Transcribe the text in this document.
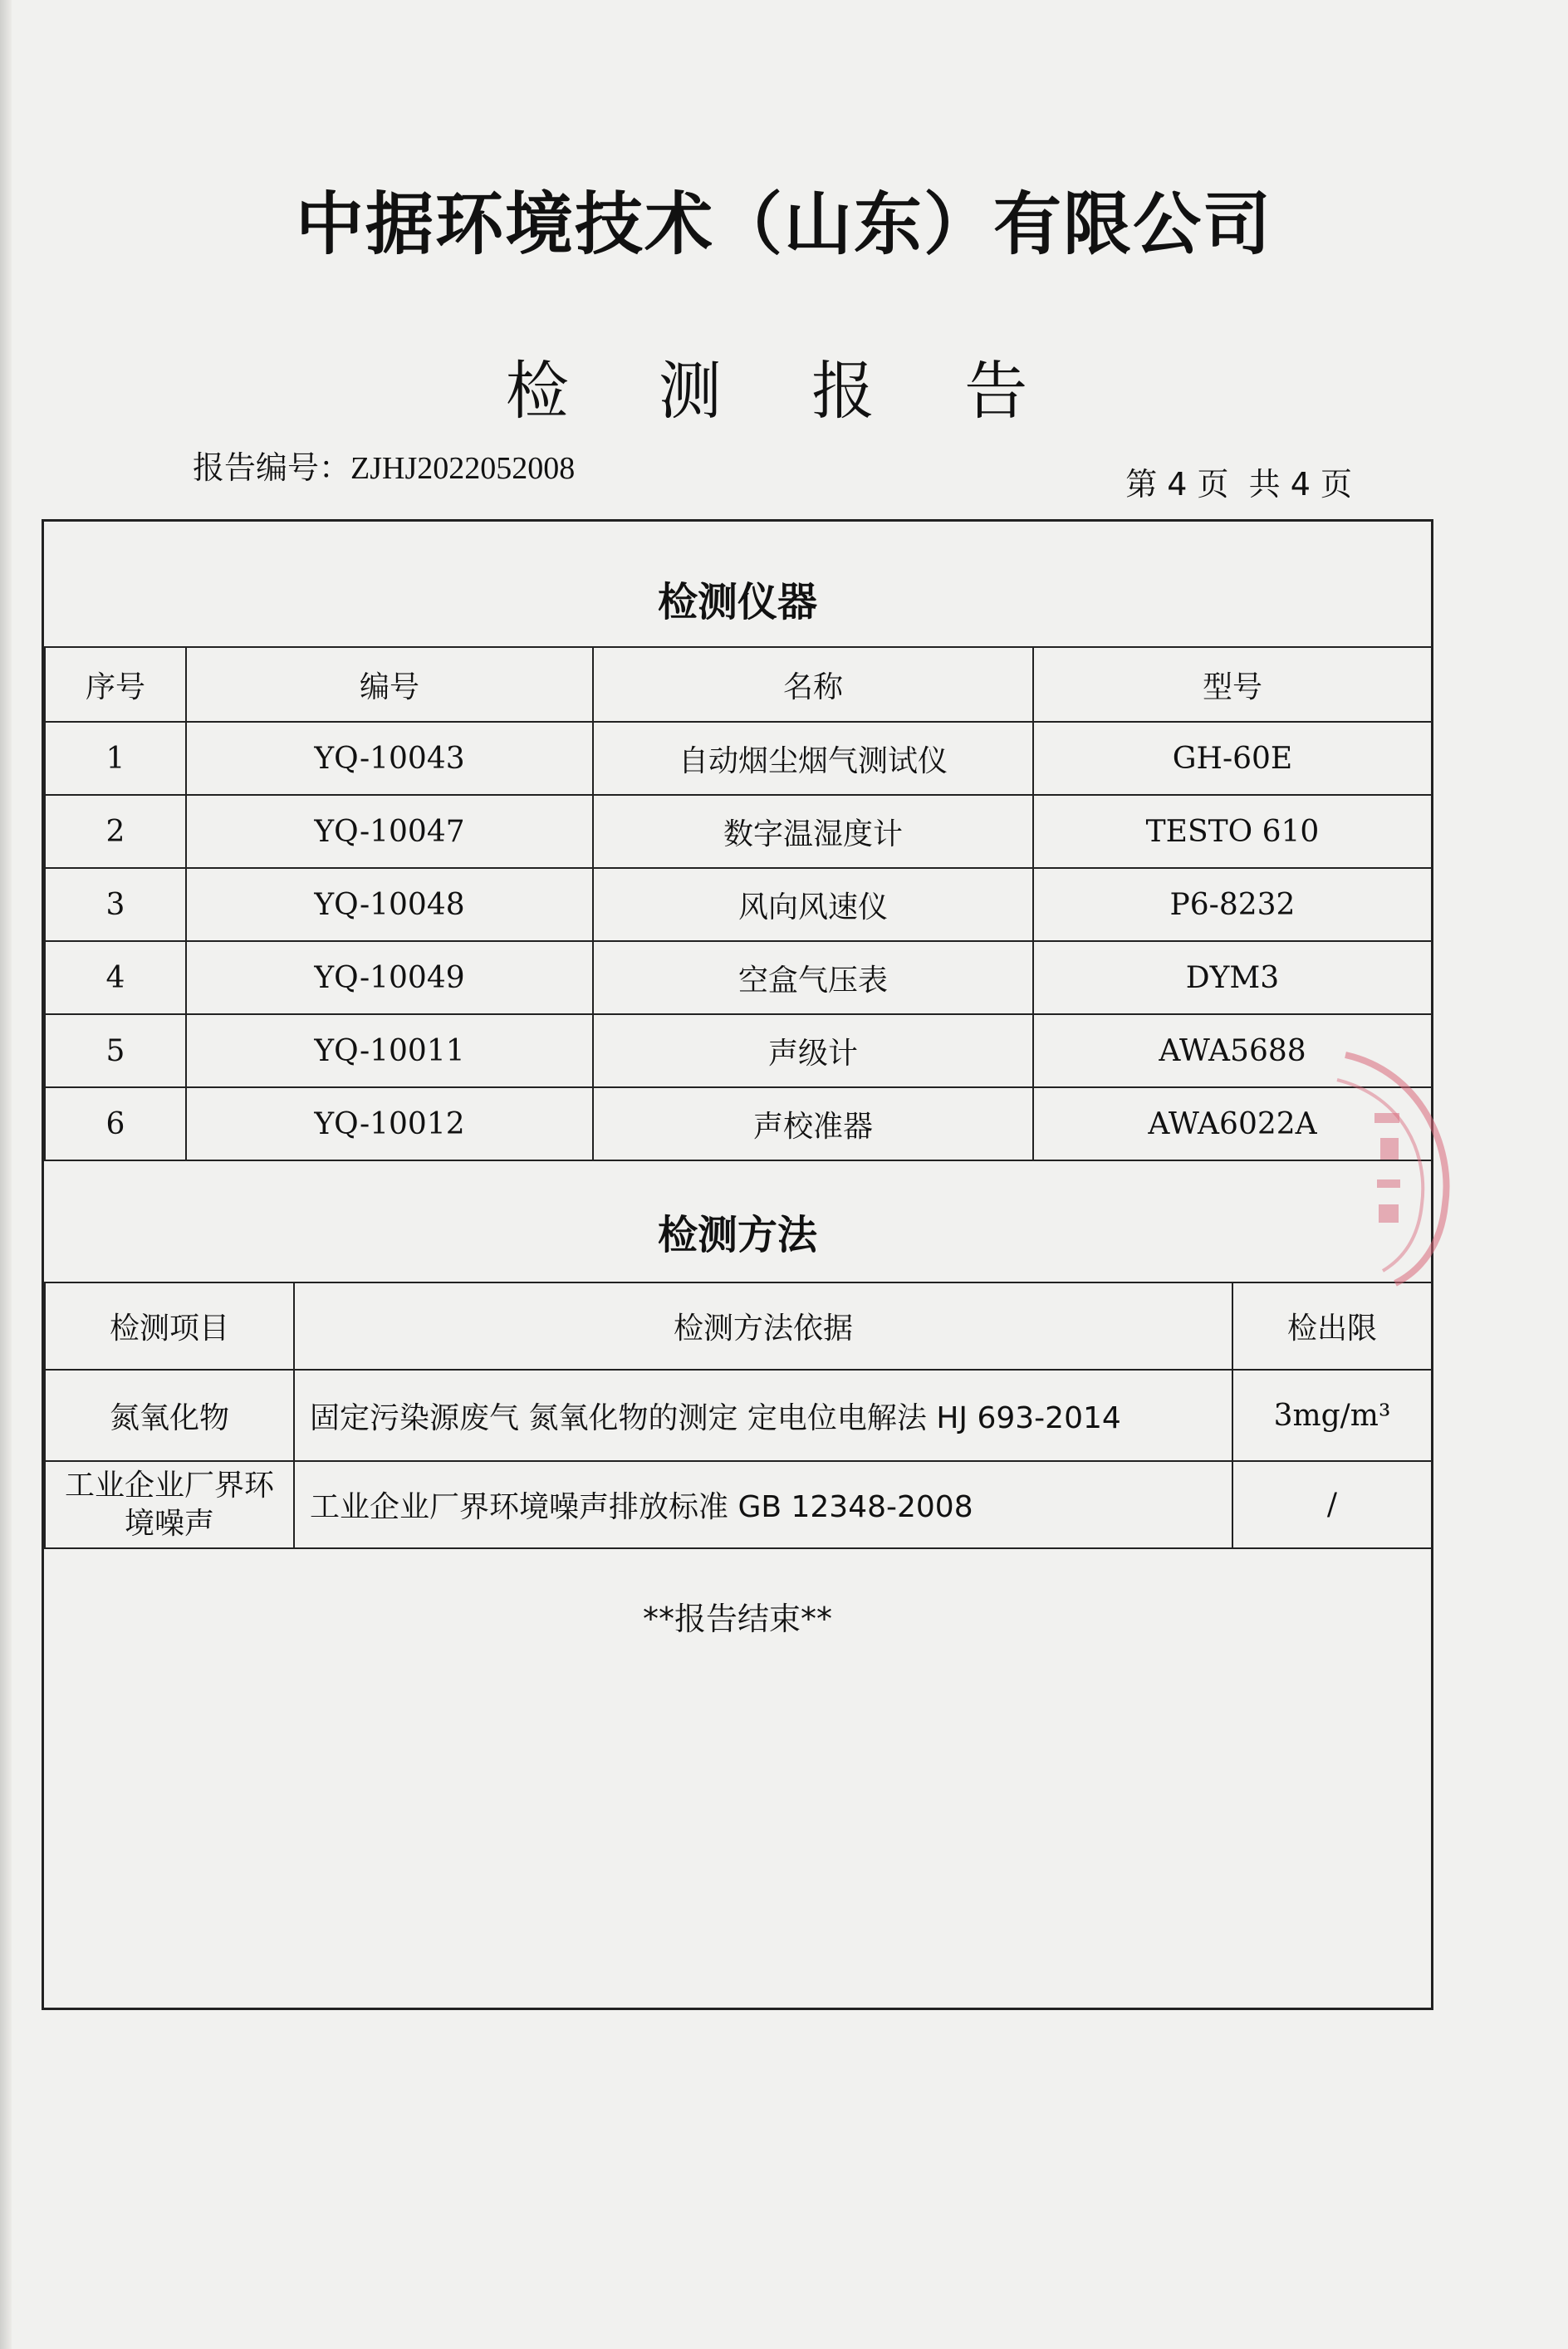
中据环境技术（山东）有限公司
检 测 报 告
报告编号：ZJHJ2022052008	第 4 页 共 4 页
检测仪器
序号	编号	名称	型号
1	YQ-10043	自动烟尘烟气测试仪	GH-60E
2	YQ-10047	数字温湿度计	TESTO 610
3	YQ-10048	风向风速仪	P6-8232
4	YQ-10049	空盒气压表	DYM3
5	YQ-10011	声级计	AWA5688
6	YQ-10012	声校准器	AWA6022A
检测方法
检测项目	检测方法依据	检出限
氮氧化物	固定污染源废气 氮氧化物的测定 定电位电解法 HJ 693-2014	3mg/m³
工业企业厂界环境噪声	工业企业厂界环境噪声排放标准 GB 12348-2008	/
**报告结束**
